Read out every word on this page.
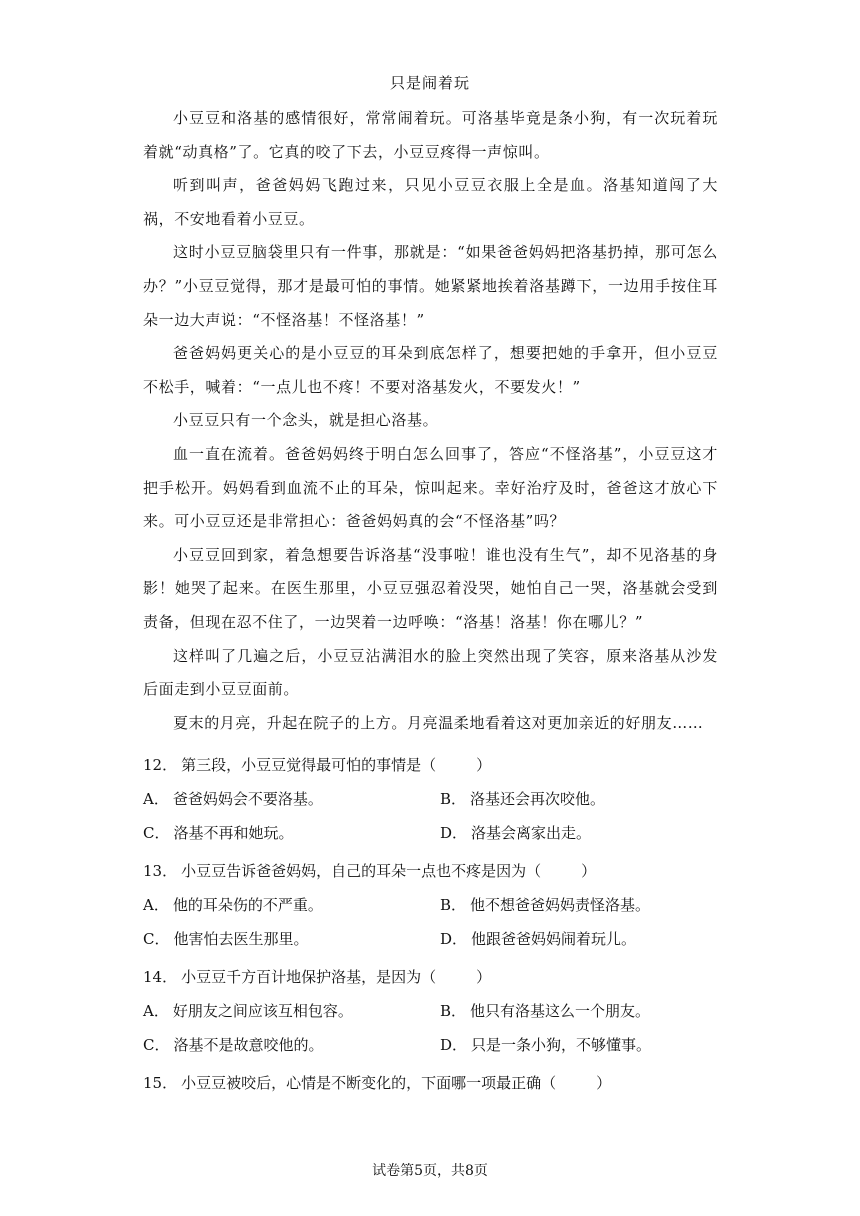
只是闹着玩

小豆豆和洛基的感情很好，常常闹着玩。可洛基毕竟是条小狗，有一次玩着玩着就“动真格”了。它真的咬了下去，小豆豆疼得一声惊叫。

听到叫声，爸爸妈妈飞跑过来，只见小豆豆衣服上全是血。洛基知道闯了大祸，不安地看着小豆豆。

这时小豆豆脑袋里只有一件事，那就是：“如果爸爸妈妈把洛基扔掉，那可怎么办？”小豆豆觉得，那才是最可怕的事情。她紧紧地挨着洛基蹲下，一边用手按住耳朵一边大声说：“不怪洛基！不怪洛基！”

爸爸妈妈更关心的是小豆豆的耳朵到底怎样了，想要把她的手拿开，但小豆豆不松手，喊着：“一点儿也不疼！不要对洛基发火，不要发火！”

小豆豆只有一个念头，就是担心洛基。

血一直在流着。爸爸妈妈终于明白怎么回事了，答应“不怪洛基”，小豆豆这才把手松开。妈妈看到血流不止的耳朵，惊叫起来。幸好治疗及时，爸爸这才放心下来。可小豆豆还是非常担心：爸爸妈妈真的会“不怪洛基”吗？

小豆豆回到家，着急想要告诉洛基“没事啦！谁也没有生气”，却不见洛基的身影！她哭了起来。在医生那里，小豆豆强忍着没哭，她怕自己一哭，洛基就会受到责备，但现在忍不住了，一边哭着一边呼唤：“洛基！洛基！你在哪儿？”

这样叫了几遍之后，小豆豆沾满泪水的脸上突然出现了笑容，原来洛基从沙发后面走到小豆豆面前。

夏末的月亮，升起在院子的上方。月亮温柔地看着这对更加亲近的好朋友……

12． 第三段，小豆豆觉得最可怕的事情是（	）
A． 爸爸妈妈会不要洛基。	B． 洛基还会再次咬他。
C． 洛基不再和她玩。	D． 洛基会离家出走。
13． 小豆豆告诉爸爸妈妈，自己的耳朵一点也不疼是因为（	）
A． 他的耳朵伤的不严重。	B． 他不想爸爸妈妈责怪洛基。
C． 他害怕去医生那里。	D． 他跟爸爸妈妈闹着玩儿。
14． 小豆豆千方百计地保护洛基，是因为（	）
A． 好朋友之间应该互相包容。	B． 他只有洛基这么一个朋友。
C． 洛基不是故意咬他的。	D． 只是一条小狗，不够懂事。
15． 小豆豆被咬后，心情是不断变化的，下面哪一项最正确（	）
试卷第5页，共8页
